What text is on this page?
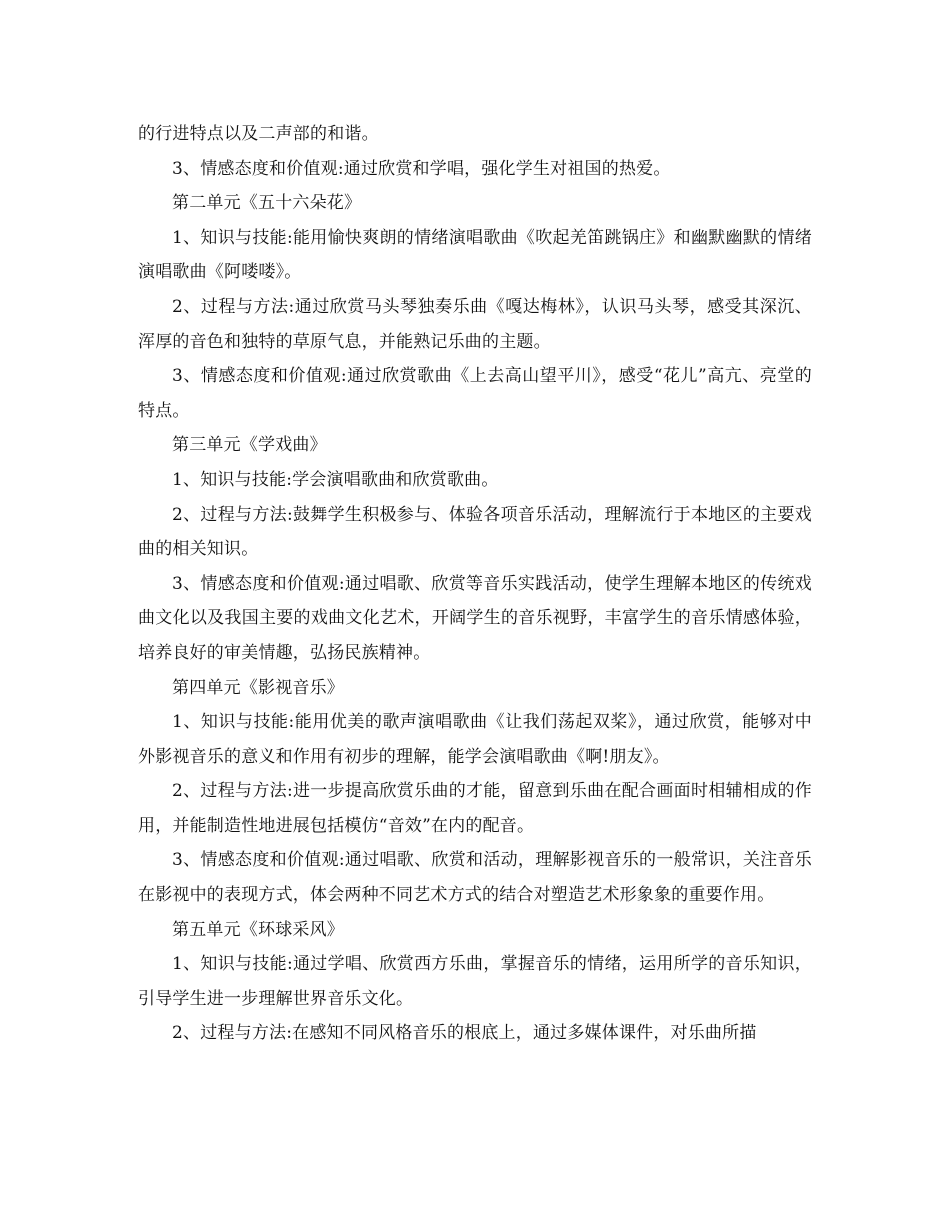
的行进特点以及二声部的和谐。

3、情感态度和价值观:通过欣赏和学唱，强化学生对祖国的热爱。

第二单元《五十六朵花》

1、知识与技能:能用愉快爽朗的情绪演唱歌曲《吹起羌笛跳锅庄》和幽默幽默的情绪演唱歌曲《阿喽喽》。

2、过程与方法:通过欣赏马头琴独奏乐曲《嘎达梅林》，认识马头琴，感受其深沉、浑厚的音色和独特的草原气息，并能熟记乐曲的主题。

3、情感态度和价值观:通过欣赏歌曲《上去高山望平川》，感受“花儿”高亢、亮堂的特点。

第三单元《学戏曲》

1、知识与技能:学会演唱歌曲和欣赏歌曲。

2、过程与方法:鼓舞学生积极参与、体验各项音乐活动，理解流行于本地区的主要戏曲的相关知识。

3、情感态度和价值观:通过唱歌、欣赏等音乐实践活动，使学生理解本地区的传统戏曲文化以及我国主要的戏曲文化艺术，开阔学生的音乐视野，丰富学生的音乐情感体验，培养良好的审美情趣，弘扬民族精神。

第四单元《影视音乐》

1、知识与技能:能用优美的歌声演唱歌曲《让我们荡起双桨》，通过欣赏，能够对中外影视音乐的意义和作用有初步的理解，能学会演唱歌曲《啊!朋友》。

2、过程与方法:进一步提高欣赏乐曲的才能，留意到乐曲在配合画面时相辅相成的作用，并能制造性地进展包括模仿“音效”在内的配音。

3、情感态度和价值观:通过唱歌、欣赏和活动，理解影视音乐的一般常识，关注音乐在影视中的表现方式，体会两种不同艺术方式的结合对塑造艺术形象象的重要作用。

第五单元《环球采风》

1、知识与技能:通过学唱、欣赏西方乐曲，掌握音乐的情绪，运用所学的音乐知识，引导学生进一步理解世界音乐文化。

2、过程与方法:在感知不同风格音乐的根底上，通过多媒体课件，对乐曲所描
